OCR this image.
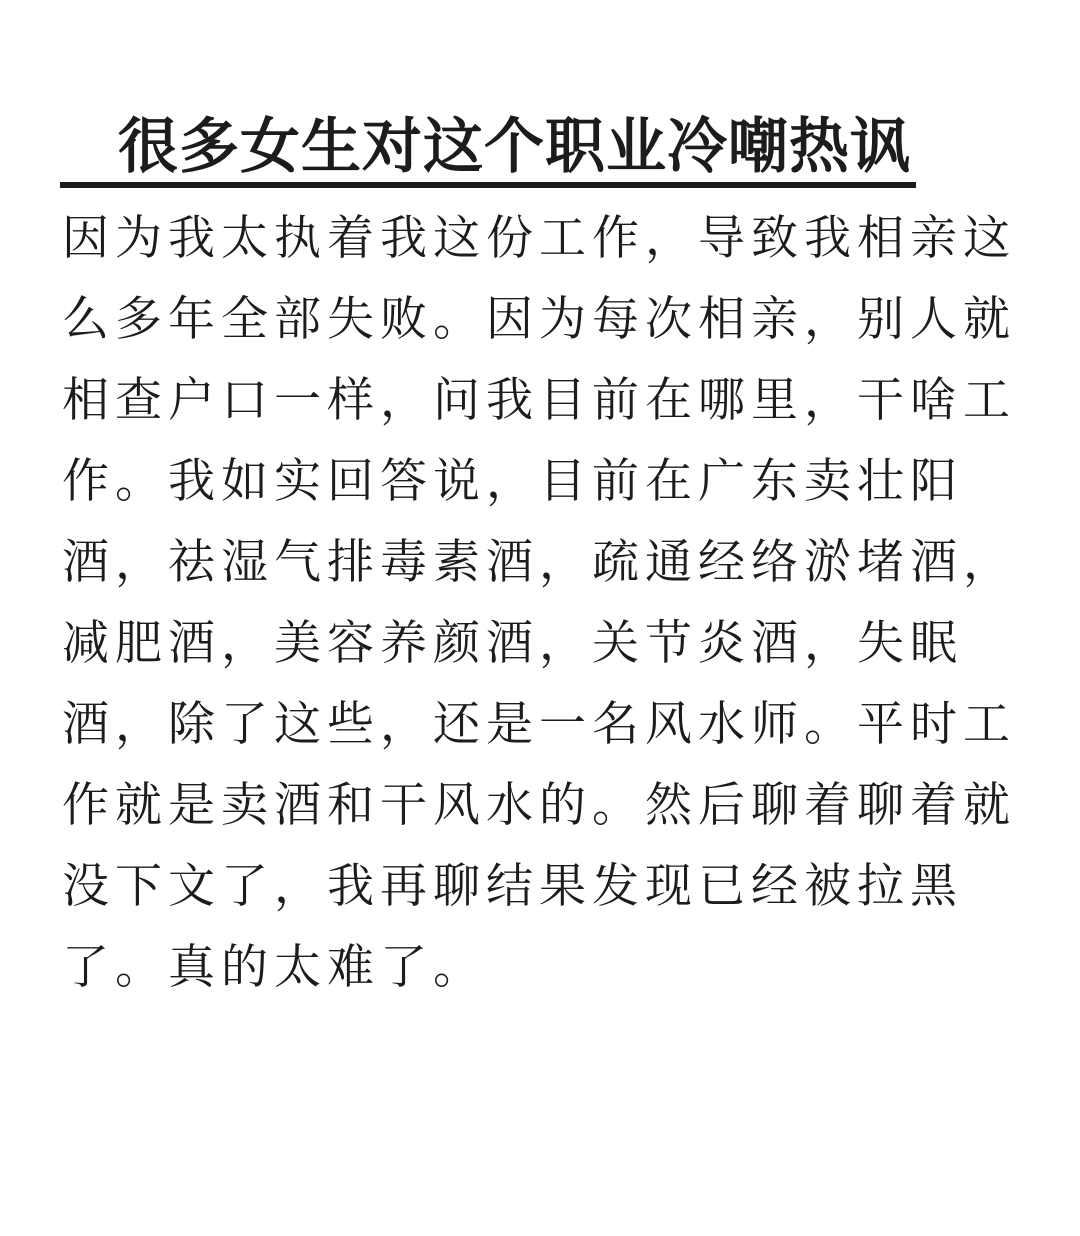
很多女生对这个职业冷嘲热讽
因为我太执着我这份工作，导致我相亲这
么多年全部失败。因为每次相亲，别人就
相查户口一样，问我目前在哪里，干啥工
作。我如实回答说，目前在广东卖壮阳
酒，祛湿气排毒素酒，疏通经络淤堵酒，
减肥酒，美容养颜酒，关节炎酒，失眠
酒，除了这些，还是一名风水师。平时工
作就是卖酒和干风水的。然后聊着聊着就
没下文了，我再聊结果发现已经被拉黑
了。真的太难了。
